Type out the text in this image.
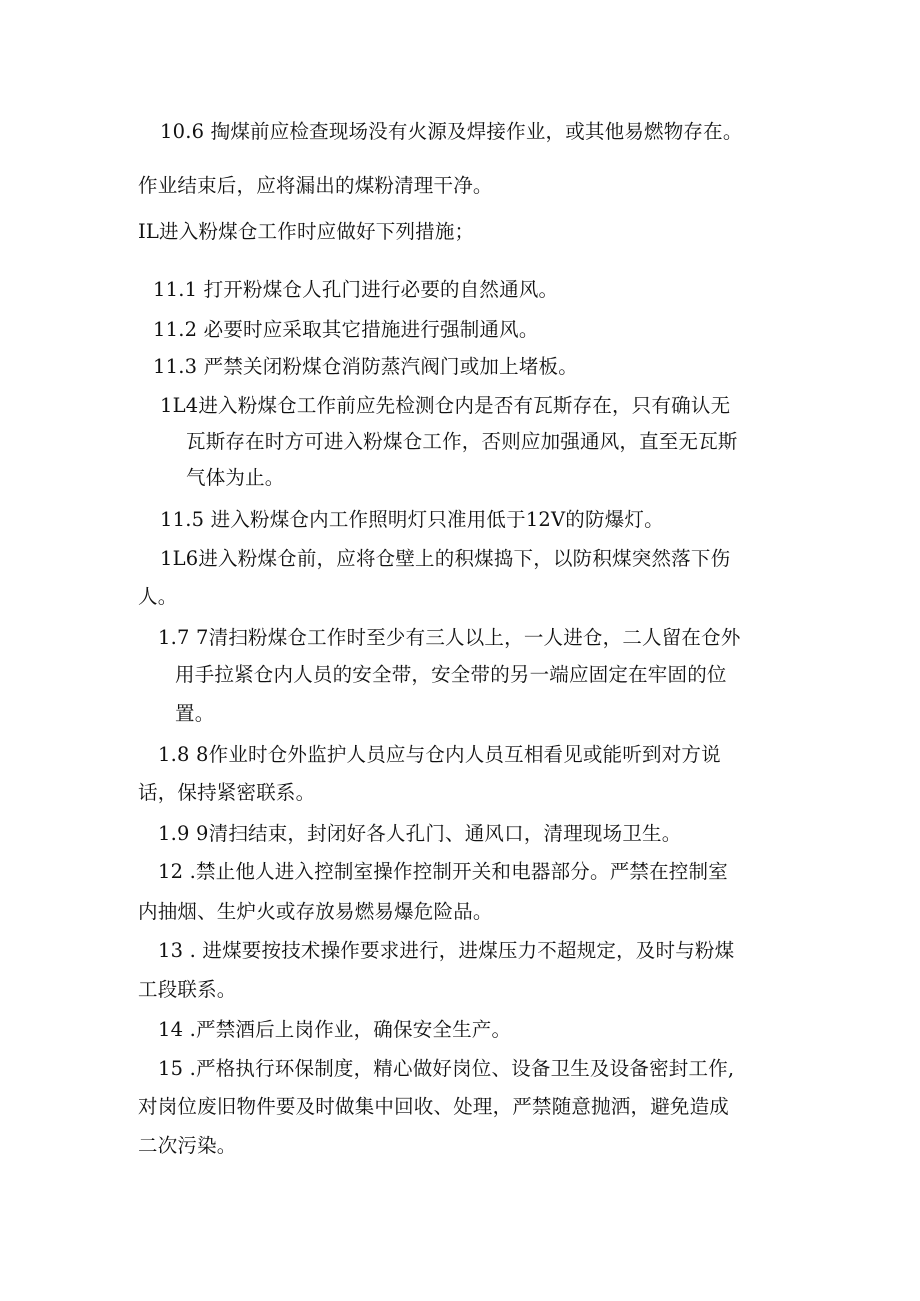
10.6 掏煤前应检查现场没有火源及焊接作业，或其他易燃物存在。
作业结束后，应将漏出的煤粉清理干净。
IL进入粉煤仓工作时应做好下列措施；
11.1 打开粉煤仓人孔门进行必要的自然通风。
11.2 必要时应采取其它措施进行强制通风。
11.3 严禁关闭粉煤仓消防蒸汽阀门或加上堵板。
1L4进入粉煤仓工作前应先检测仓内是否有瓦斯存在，只有确认无
瓦斯存在时方可进入粉煤仓工作，否则应加强通风，直至无瓦斯
气体为止。
11.5 进入粉煤仓内工作照明灯只准用低于12V的防爆灯。
1L6进入粉煤仓前，应将仓壁上的积煤捣下，以防积煤突然落下伤
人。
1.7 7清扫粉煤仓工作时至少有三人以上，一人进仓，二人留在仓外
用手拉紧仓内人员的安全带，安全带的另一端应固定在牢固的位
置。
1.8 8作业时仓外监护人员应与仓内人员互相看见或能听到对方说
话，保持紧密联系。
1.9 9清扫结束，封闭好各人孔门、通风口，清理现场卫生。
12 .禁止他人进入控制室操作控制开关和电器部分。严禁在控制室
内抽烟、生炉火或存放易燃易爆危险品。
13 . 进煤要按技术操作要求进行，进煤压力不超规定，及时与粉煤
工段联系。
14 .严禁酒后上岗作业，确保安全生产。
15 .严格执行环保制度，精心做好岗位、设备卫生及设备密封工作,
对岗位废旧物件要及时做集中回收、处理，严禁随意抛洒，避免造成
二次污染。
